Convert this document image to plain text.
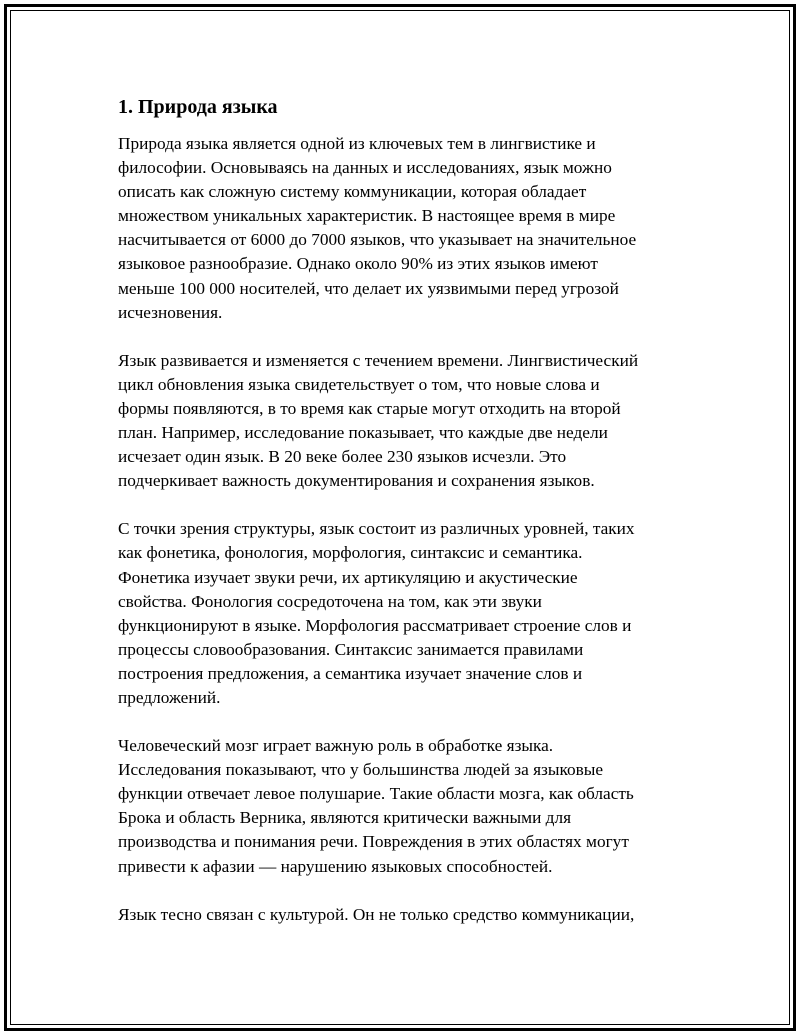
1. Природа языка

Природа языка является одной из ключевых тем в лингвистике и
философии. Основываясь на данных и исследованиях, язык можно
описать как сложную систему коммуникации, которая обладает
множеством уникальных характеристик. В настоящее время в мире
насчитывается от 6000 до 7000 языков, что указывает на значительное
языковое разнообразие. Однако около 90% из этих языков имеют
меньше 100 000 носителей, что делает их уязвимыми перед угрозой
исчезновения.

Язык развивается и изменяется с течением времени. Лингвистический
цикл обновления языка свидетельствует о том, что новые слова и
формы появляются, в то время как старые могут отходить на второй
план. Например, исследование показывает, что каждые две недели
исчезает один язык. В 20 веке более 230 языков исчезли. Это
подчеркивает важность документирования и сохранения языков.

С точки зрения структуры, язык состоит из различных уровней, таких
как фонетика, фонология, морфология, синтаксис и семантика.
Фонетика изучает звуки речи, их артикуляцию и акустические
свойства. Фонология сосредоточена на том, как эти звуки
функционируют в языке. Морфология рассматривает строение слов и
процессы словообразования. Синтаксис занимается правилами
построения предложения, а семантика изучает значение слов и
предложений.

Человеческий мозг играет важную роль в обработке языка.
Исследования показывают, что у большинства людей за языковые
функции отвечает левое полушарие. Такие области мозга, как область
Брока и область Верника, являются критически важными для
производства и понимания речи. Повреждения в этих областях могут
привести к афазии — нарушению языковых способностей.

Язык тесно связан с культурой. Он не только средство коммуникации,
